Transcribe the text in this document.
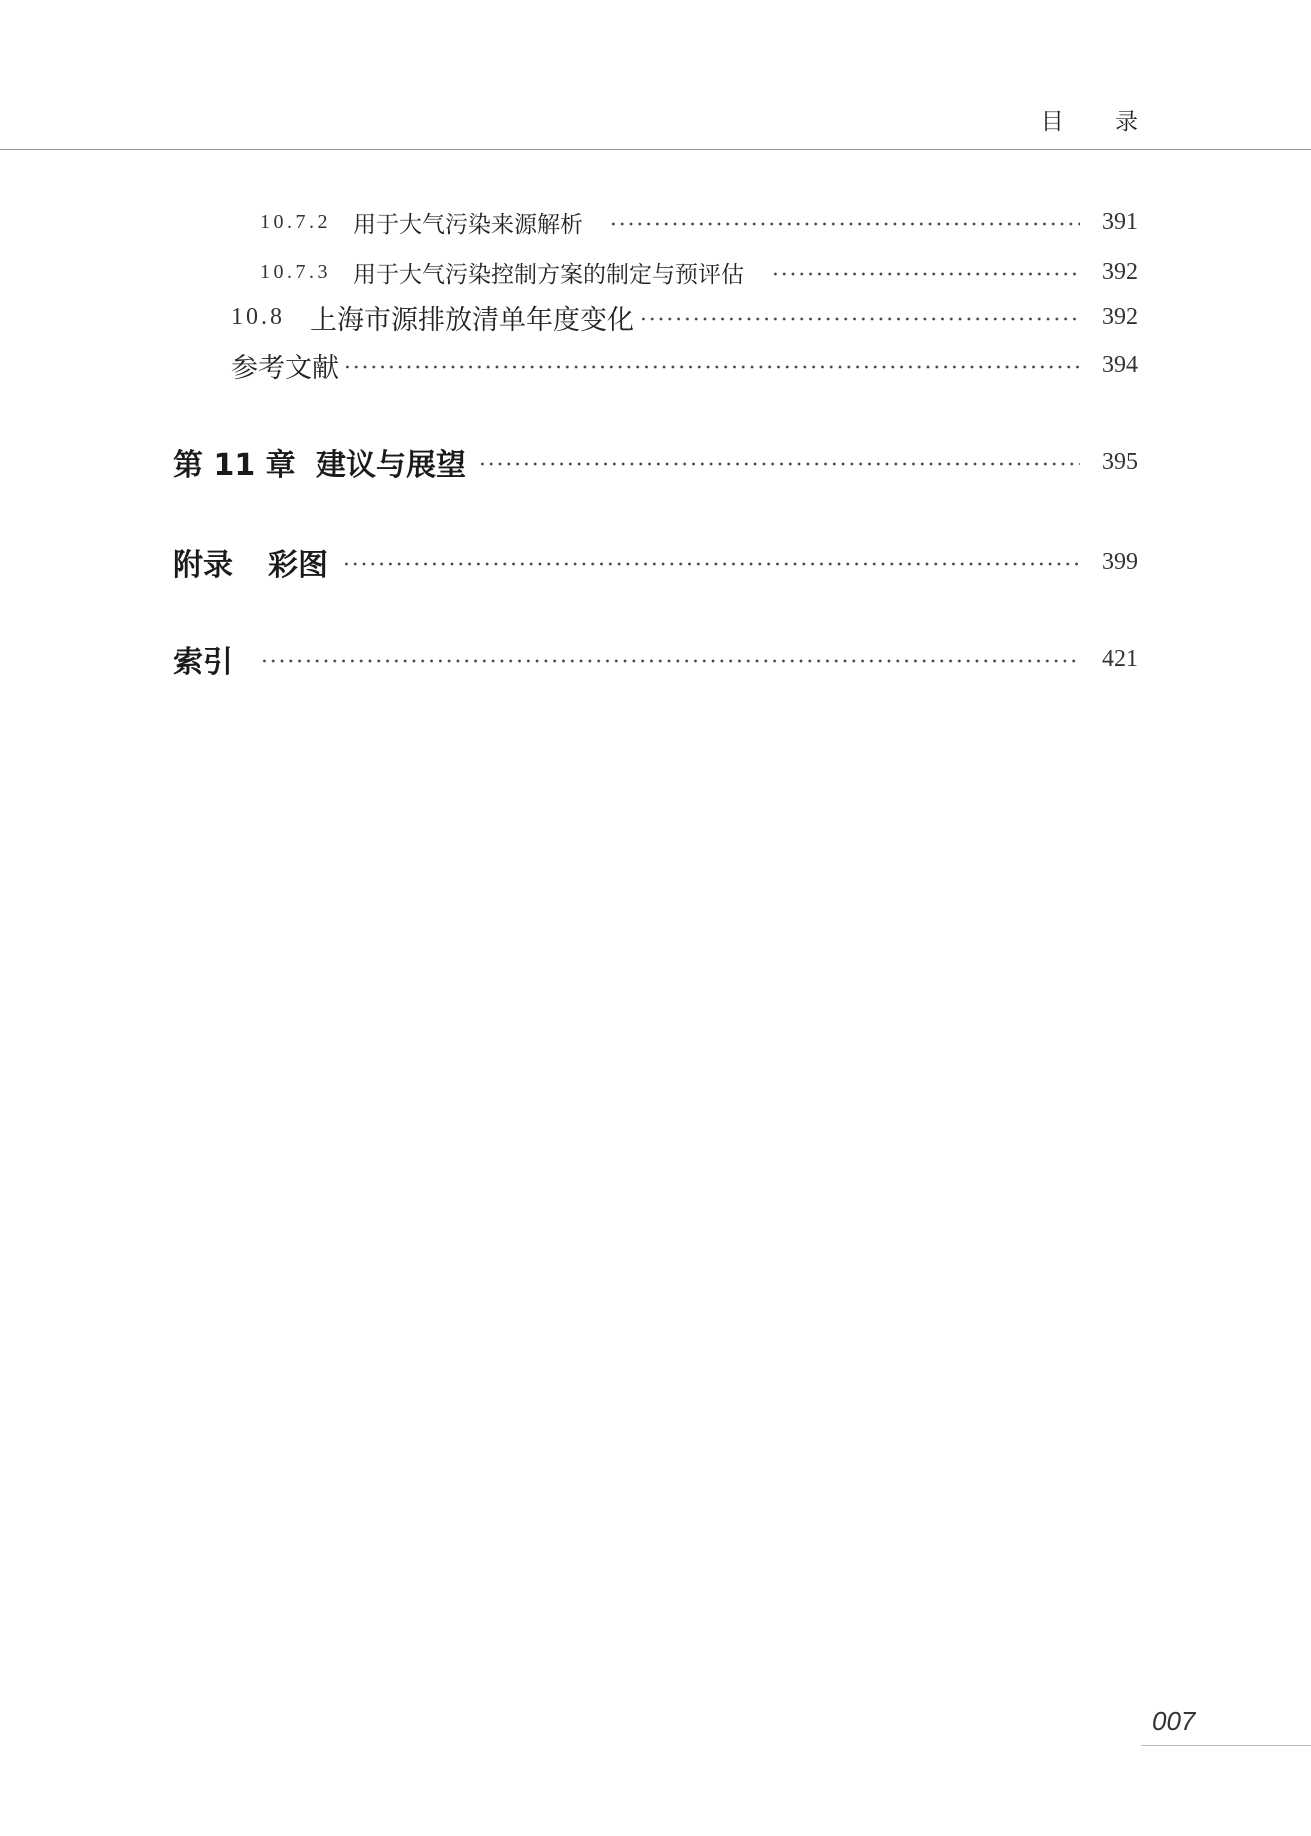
目 录
10.7.2 用于大气污染来源解析	391
10.7.3 用于大气污染控制方案的制定与预评估	392
10.8 上海市源排放清单年度变化	392
参考文献	394
第 11 章 建议与展望	395
附录	彩图	399
索引	421
007
